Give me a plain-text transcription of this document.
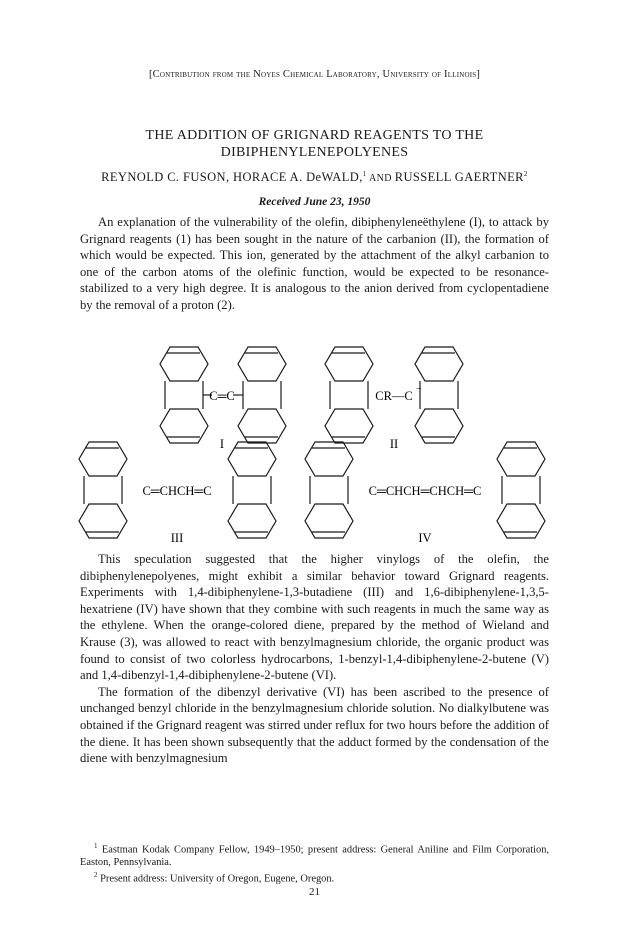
[Contribution from the Noyes Chemical Laboratory, University of Illinois]
THE ADDITION OF GRIGNARD REAGENTS TO THE DIBIPHENYLENEPOLYENES
REYNOLD C. FUSON, HORACE A. DeWALD,$^1$ AND RUSSELL GAERTNER$^2$
Received June 23, 1950

An explanation of the vulnerability of the olefin, dibiphenyleneëthylene (I), to attack by Grignard reagents (1) has been sought in the nature of the carbanion (II), the formation of which would be expected. This ion, generated by the attachment of the alkyl carbanion to one of the carbon atoms of the olefinic function, would be expected to be resonance-stabilized to a very high degree. It is analogous to the anion derived from cyclopentadiene by the removal of a proton (2).

C═C
I
CR—C −
II
C═CHCH═C
III
C═CHCH═CHCH═C
IV

This speculation suggested that the higher vinylogs of the olefin, the dibiphenylenepolyenes, might exhibit a similar behavior toward Grignard reagents. Experiments with 1,4-dibiphenylene-1,3-butadiene (III) and 1,6-dibiphenylene-1,3,5-hexatriene (IV) have shown that they combine with such reagents in much the same way as the ethylene. When the orange-colored diene, prepared by the method of Wieland and Krause (3), was allowed to react with benzylmagnesium chloride, the organic product was found to consist of two colorless hydrocarbons, 1-benzyl-1,4-dibiphenylene-2-butene (V) and 1,4-dibenzyl-1,4-dibiphenylene-2-butene (VI).

The formation of the dibenzyl derivative (VI) has been ascribed to the presence of unchanged benzyl chloride in the benzylmagnesium chloride solution. No dialkylbutene was obtained if the Grignard reagent was stirred under reflux for two hours before the addition of the diene. It has been shown subsequently that the adduct formed by the condensation of the diene with benzylmagnesium

$^1$ Eastman Kodak Company Fellow, 1949–1950; present address: General Aniline and Film Corporation, Easton, Pennsylvania.

$^2$ Present address: University of Oregon, Eugene, Oregon.

21
